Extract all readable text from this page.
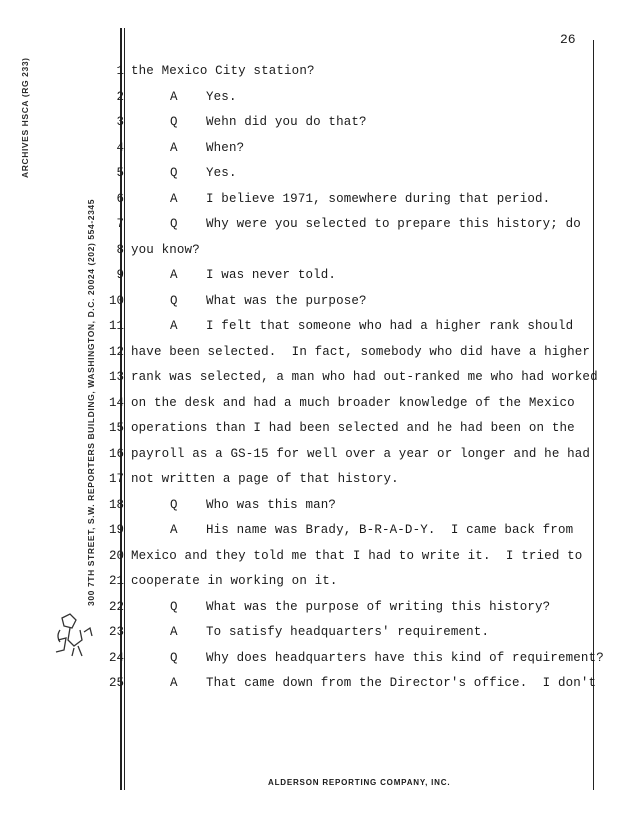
26
ARCHIVES HSCA (RG 233)
300 7TH STREET, S.W. REPORTERS BUILDING, WASHINGTON, D.C. 20024 (202) 554-2345
1 the Mexico City station?
2	A Yes.
3	Q Wehn did you do that?
4	A When?
5	Q Yes.
6	A I believe 1971, somewhere during that period.
7	Q Why were you selected to prepare this history; do
8 you know?
9	A I was never told.
10	Q What was the purpose?
11	A I felt that someone who had a higher rank should
12 have been selected.  In fact, somebody who did have a higher
13 rank was selected, a man who had out-ranked me who had worked
14 on the desk and had a much broader knowledge of the Mexico
15 operations than I had been selected and he had been on the
16 payroll as a GS-15 for well over a year or longer and he had
17 not written a page of that history.
18	Q Who was this man?
19	A His name was Brady, B-R-A-D-Y.  I came back from
20 Mexico and they told me that I had to write it.  I tried to
21 cooperate in working on it.
22	Q What was the purpose of writing this history?
23	A To satisfy headquarters' requirement.
24	Q Why does headquarters have this kind of requirement?
25	A That came down from the Director's office.  I don't
ALDERSON REPORTING COMPANY, INC.
